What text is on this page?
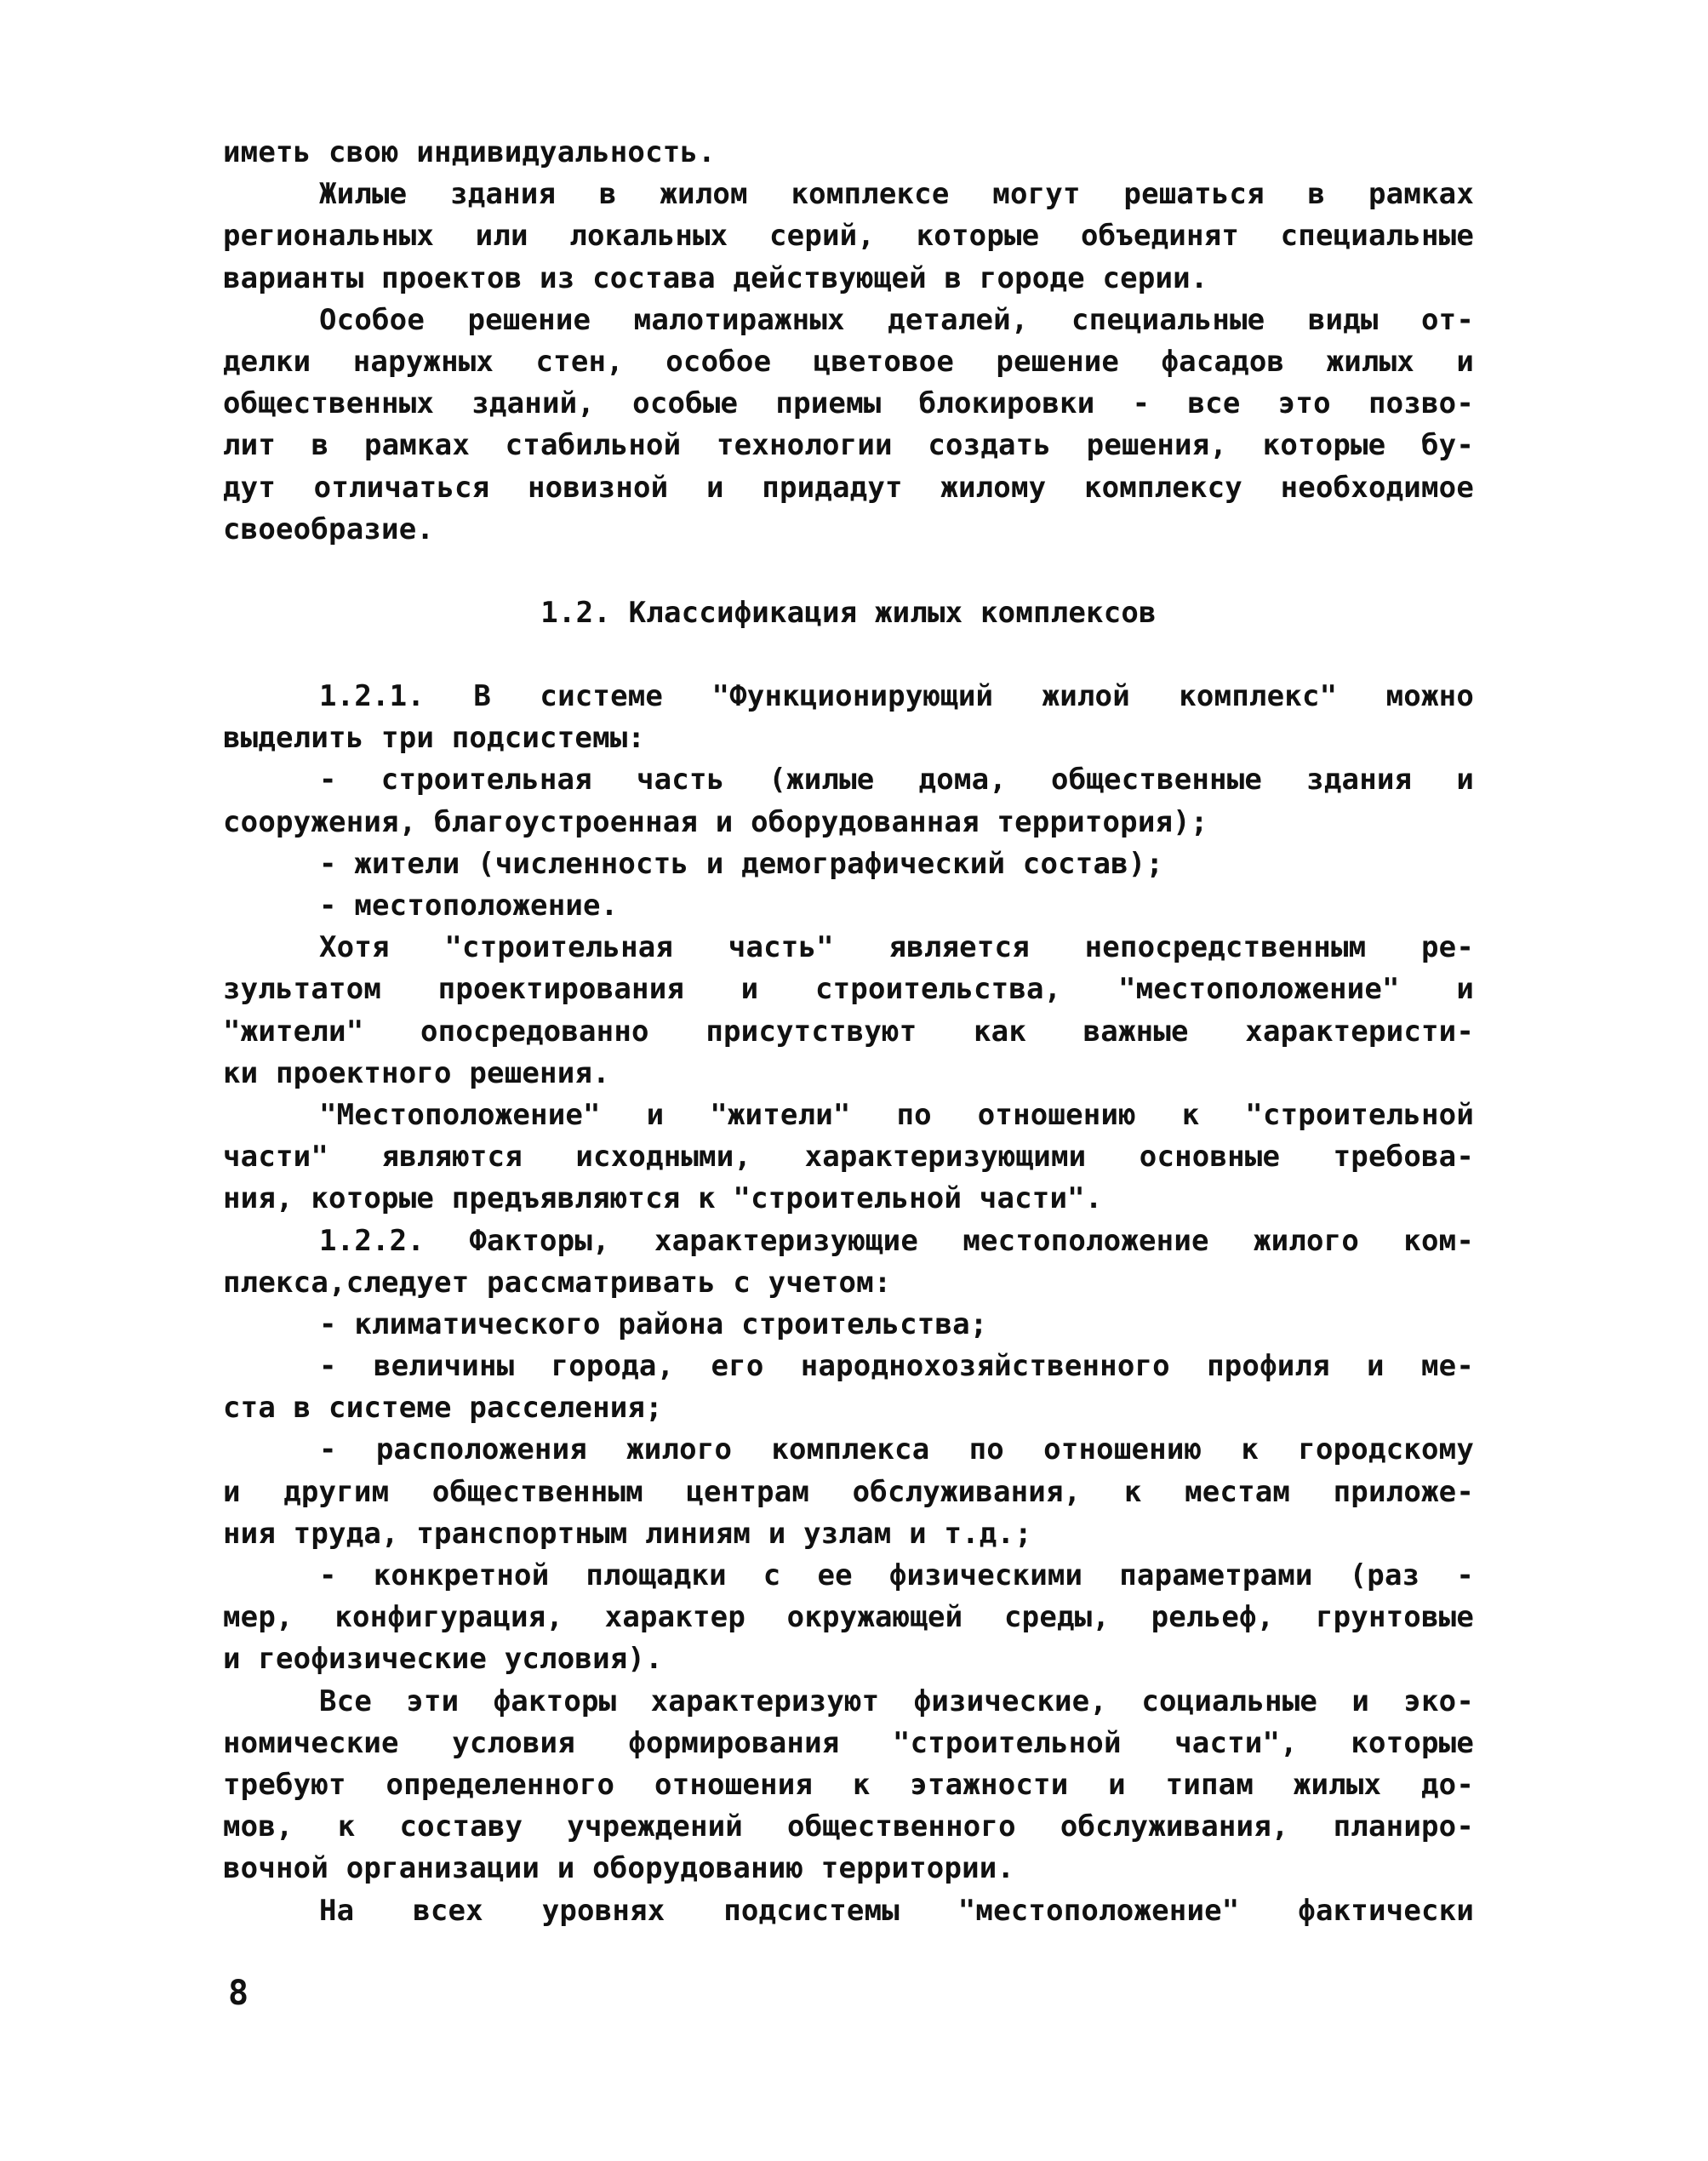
иметь свою индивидуальность.
Жилые здания в жилом комплексе могут решаться в рамках
региональных или локальных серий, которые объединят специальные
варианты проектов из состава действующей в городе серии.
Особое решение малотиражных деталей, специальные виды от-
делки наружных стен, особое цветовое решение фасадов жилых и
общественных зданий, особые приемы блокировки - все это позво-
лит в рамках стабильной технологии создать решения, которые бу-
дут отличаться новизной и придадут жилому комплексу необходимое
своеобразие.
1.2. Классификация жилых комплексов
1.2.1. В системе "Функционирующий жилой комплекс" можно
выделить три подсистемы:
- строительная часть (жилые дома, общественные здания и
сооружения, благоустроенная и оборудованная территория);
- жители (численность и демографический состав);
- местоположение.
Хотя "строительная часть" является непосредственным ре-
зультатом проектирования и строительства, "местоположение" и
"жители" опосредованно присутствуют как важные характеристи-
ки проектного решения.
"Местоположение" и "жители" по отношению к "строительной
части" являются исходными, характеризующими основные требова-
ния, которые предъявляются к "строительной части".
1.2.2. Факторы, характеризующие местоположение жилого ком-
плекса,следует рассматривать с учетом:
- климатического района строительства;
- величины города, его народнохозяйственного профиля и ме-
ста в системе расселения;
- расположения жилого комплекса по отношению к городскому
и другим общественным центрам обслуживания, к местам приложе-
ния труда, транспортным линиям и узлам и т.д.;
- конкретной площадки с ее физическими параметрами (раз -
мер, конфигурация, характер окружающей среды, рельеф, грунтовые
и геофизические условия).
Все эти факторы характеризуют физические, социальные и эко-
номические условия формирования "строительной части", которые
требуют определенного отношения к этажности и типам жилых до-
мов, к составу учреждений общественного обслуживания, планиро-
вочной организации и оборудованию территории.
На всех уровнях подсистемы "местоположение" фактически
8
